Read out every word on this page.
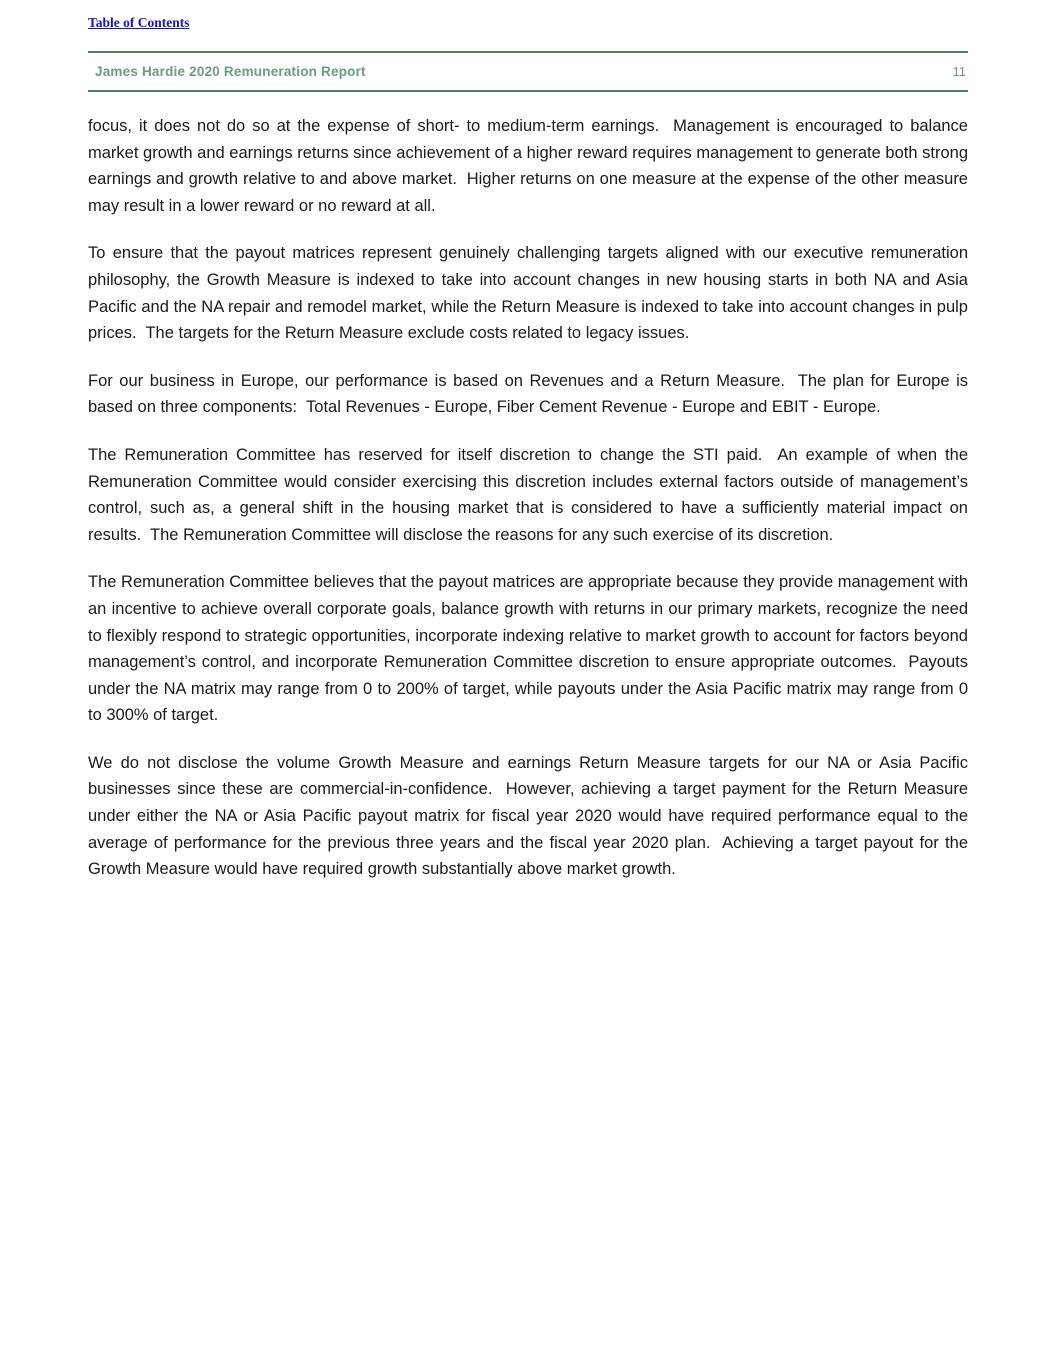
Table of Contents
James Hardie 2020 Remuneration Report	11

focus, it does not do so at the expense of short- to medium-term earnings.  Management is encouraged to balance market growth and earnings returns since achievement of a higher reward requires management to generate both strong earnings and growth relative to and above market.  Higher returns on one measure at the expense of the other measure may result in a lower reward or no reward at all.

To ensure that the payout matrices represent genuinely challenging targets aligned with our executive remuneration philosophy, the Growth Measure is indexed to take into account changes in new housing starts in both NA and Asia Pacific and the NA repair and remodel market, while the Return Measure is indexed to take into account changes in pulp prices.  The targets for the Return Measure exclude costs related to legacy issues.

For our business in Europe, our performance is based on Revenues and a Return Measure.  The plan for Europe is based on three components:  Total Revenues - Europe, Fiber Cement Revenue - Europe and EBIT - Europe.

The Remuneration Committee has reserved for itself discretion to change the STI paid.  An example of when the Remuneration Committee would consider exercising this discretion includes external factors outside of management’s control, such as, a general shift in the housing market that is considered to have a sufficiently material impact on results.  The Remuneration Committee will disclose the reasons for any such exercise of its discretion.

The Remuneration Committee believes that the payout matrices are appropriate because they provide management with an incentive to achieve overall corporate goals, balance growth with returns in our primary markets, recognize the need to flexibly respond to strategic opportunities, incorporate indexing relative to market growth to account for factors beyond management’s control, and incorporate Remuneration Committee discretion to ensure appropriate outcomes.  Payouts under the NA matrix may range from 0 to 200% of target, while payouts under the Asia Pacific matrix may range from 0 to 300% of target.

We do not disclose the volume Growth Measure and earnings Return Measure targets for our NA or Asia Pacific businesses since these are commercial-in-confidence.  However, achieving a target payment for the Return Measure under either the NA or Asia Pacific payout matrix for fiscal year 2020 would have required performance equal to the average of performance for the previous three years and the fiscal year 2020 plan.  Achieving a target payout for the Growth Measure would have required growth substantially above market growth.
